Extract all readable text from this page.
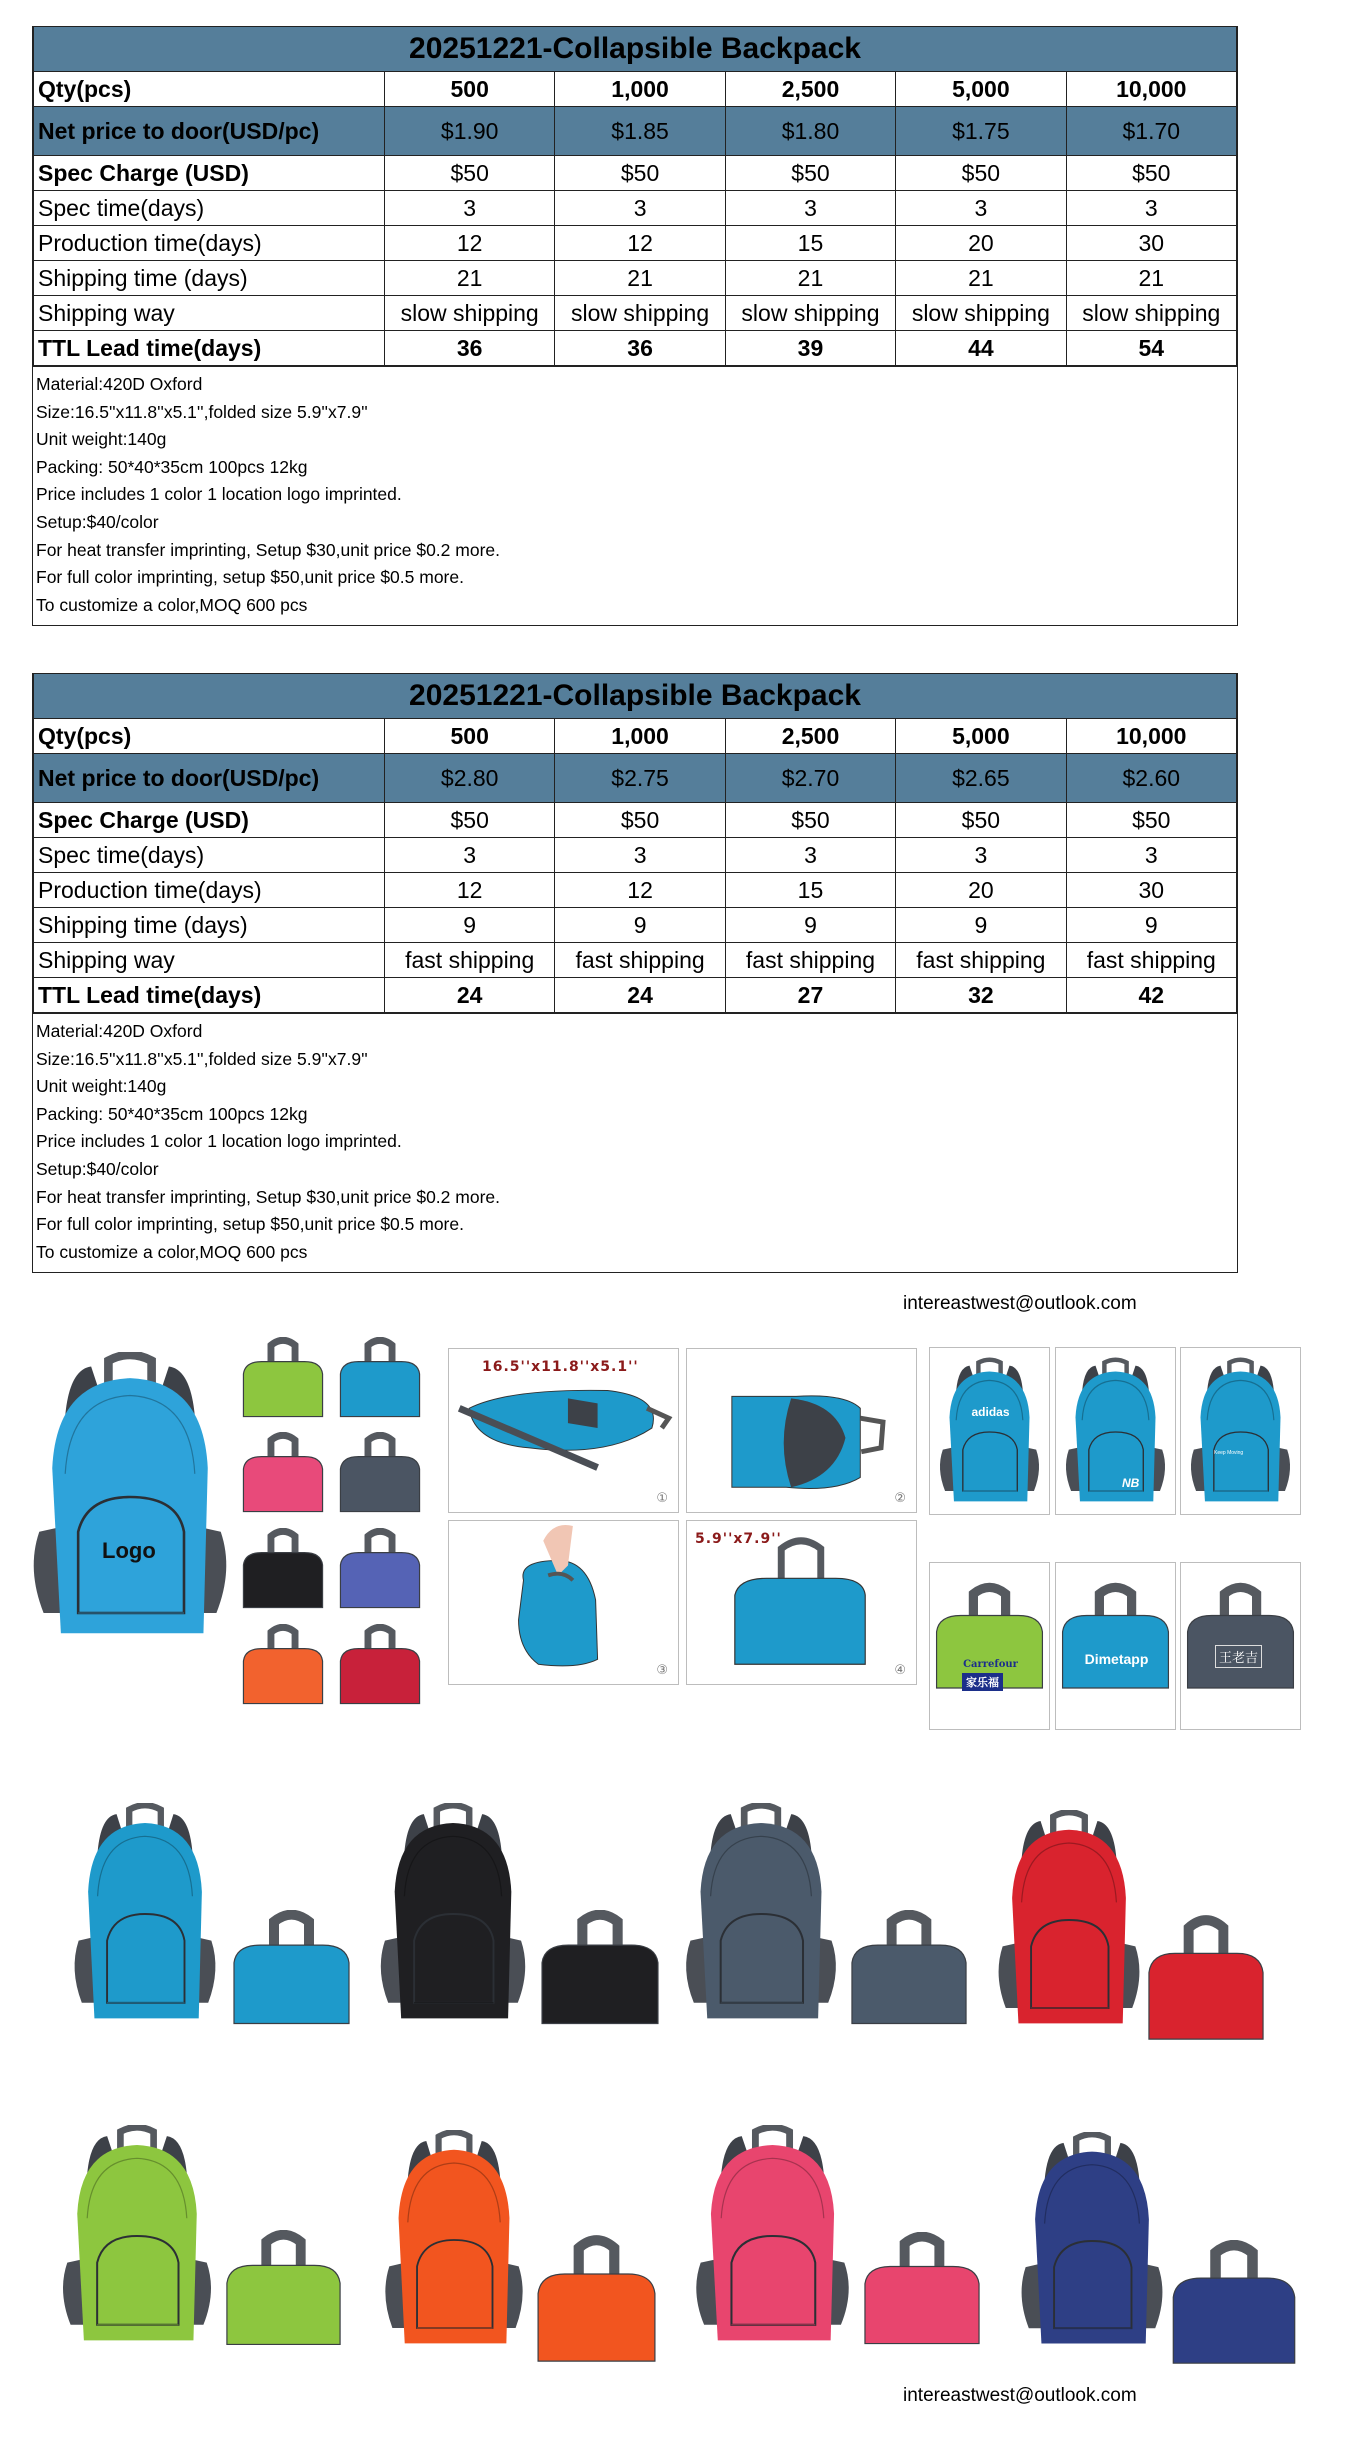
20251221-Collapsible Backpack					
Qty(pcs)	500	1,000	2,500	5,000	10,000
Net price to door(USD/pc)	$1.90	$1.85	$1.80	$1.75	$1.70
Spec Charge (USD)	$50	$50	$50	$50	$50
Spec time(days)	3	3	3	3	3
Production time(days)	12	12	15	20	30
Shipping time (days)	21	21	21	21	21
Shipping way	slow shipping	slow shipping	slow shipping	slow shipping	slow shipping
TTL Lead time(days)	36	36	39	44	54
Material:420D Oxford
Size:16.5''x11.8''x5.1'',folded size 5.9''x7.9''
Unit weight:140g
Packing: 50*40*35cm 100pcs 12kg
Price includes 1 color 1 location logo imprinted.
Setup:$40/color
For heat transfer imprinting, Setup $30,unit price $0.2 more.
For full color imprinting, setup $50,unit price $0.5 more.
To customize a color,MOQ 600 pcs
20251221-Collapsible Backpack					
Qty(pcs)	500	1,000	2,500	5,000	10,000
Net price to door(USD/pc)	$2.80	$2.75	$2.70	$2.65	$2.60
Spec Charge (USD)	$50	$50	$50	$50	$50
Spec time(days)	3	3	3	3	3
Production time(days)	12	12	15	20	30
Shipping time (days)	9	9	9	9	9
Shipping way	fast shipping	fast shipping	fast shipping	fast shipping	fast shipping
TTL Lead time(days)	24	24	27	32	42
Material:420D Oxford
Size:16.5''x11.8''x5.1'',folded size 5.9''x7.9''
Unit weight:140g
Packing: 50*40*35cm 100pcs 12kg
Price includes 1 color 1 location logo imprinted.
Setup:$40/color
For heat transfer imprinting, Setup $30,unit price $0.2 more.
For full color imprinting, setup $50,unit price $0.5 more.
To customize a color,MOQ 600 pcs
intereastwest@outlook.com
Logo
16.5''x11.8''x5.1''
①	②
③
5.9''x7.9''
④
adidas
NB
Keep Moving
Carrefour
家乐福
Dimetapp	王老吉
intereastwest@outlook.com
